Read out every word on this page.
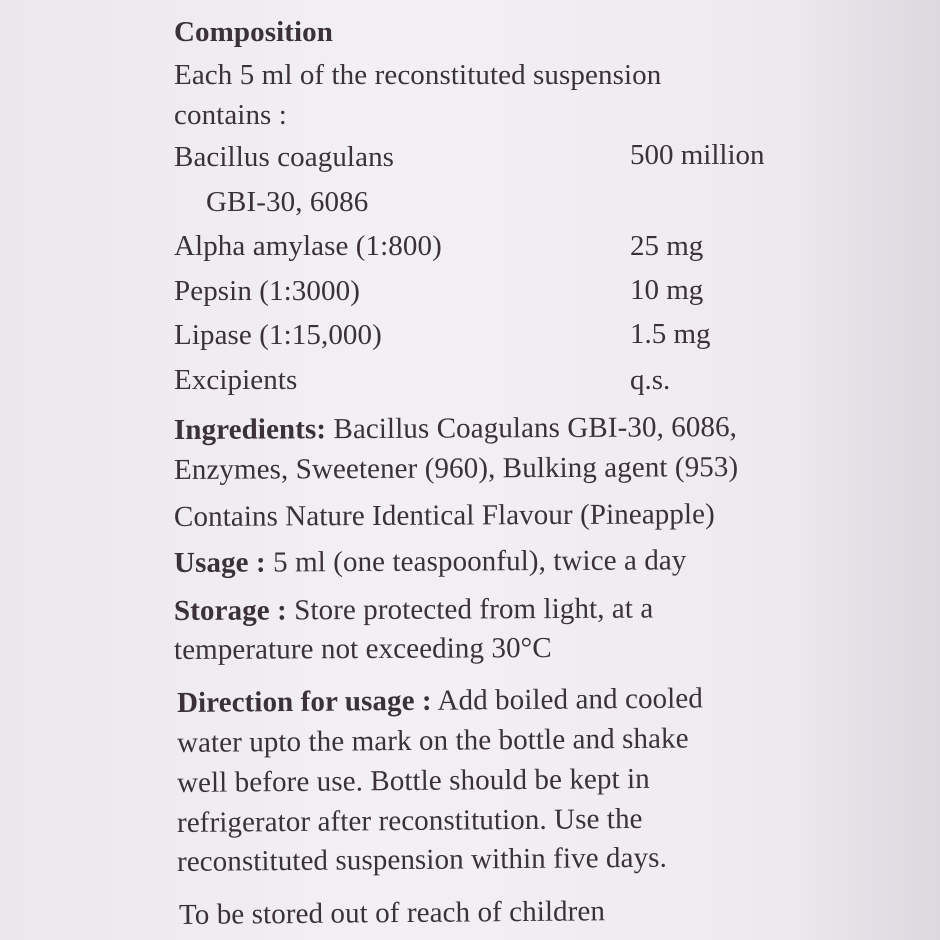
Composition
Each 5 ml of the reconstituted suspension
contains :
Bacillus coagulans	500 million
GBI-30, 6086
Alpha amylase (1:800)	25 mg
Pepsin (1:3000)	10 mg
Lipase (1:15,000)	1.5 mg
Excipients	q.s.
Ingredients: Bacillus Coagulans GBI-30, 6086,
Enzymes, Sweetener (960), Bulking agent (953)
Contains Nature Identical Flavour (Pineapple)
Usage : 5 ml (one teaspoonful), twice a day
Storage : Store protected from light, at a
temperature not exceeding 30°C
Direction for usage : Add boiled and cooled
water upto the mark on the bottle and shake
well before use. Bottle should be kept in
refrigerator after reconstitution. Use the
reconstituted suspension within five days.
To be stored out of reach of children
